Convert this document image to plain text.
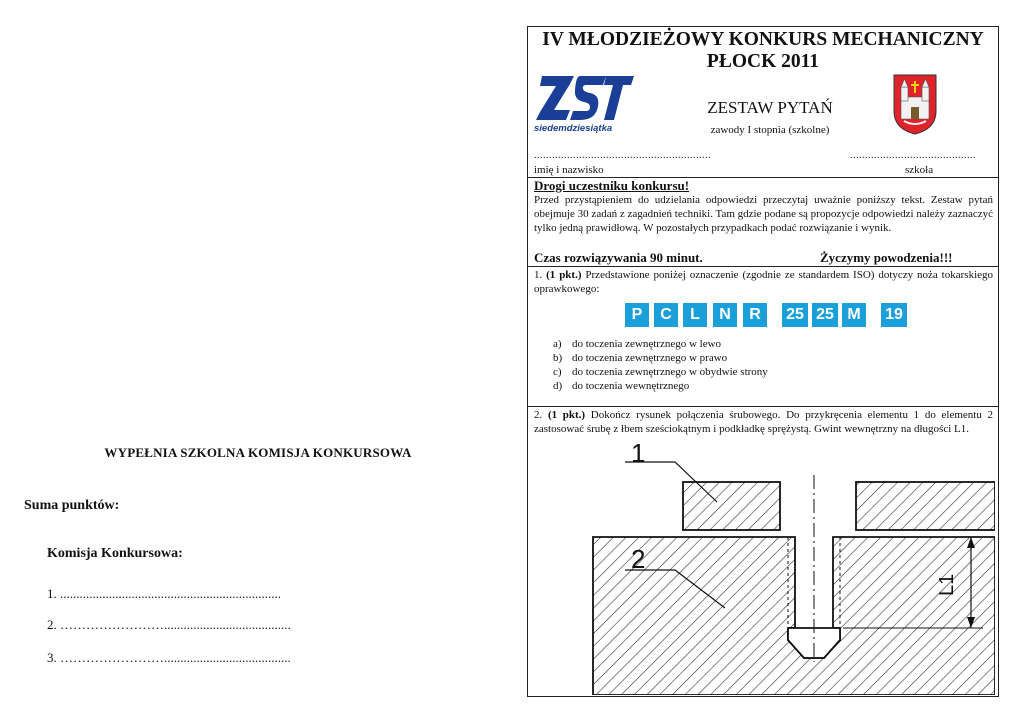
WYPEŁNIA SZKOLNA KOMISJA KONKURSOWA
Suma punktów:
Komisja Konkursowa:
1. ....................................................................
2. …………………….......................................
3. …………………….......................................
IV MŁODZIEŻOWY KONKURS MECHANICZNY
PŁOCK 2011
siedemdziesiątka
ZESTAW PYTAŃ
zawody I stopnia (szkolne)
...........................................................	..........................................
imię i nazwisko	szkoła
Drogi uczestniku konkursu!
Przed przystąpieniem do udzielania odpowiedzi przeczytaj uważnie poniższy tekst. Zestaw pytań obejmuje 30 zadań z zagadnień techniki. Tam gdzie podane są propozycje odpowiedzi należy zaznaczyć tylko jedną prawidłową. W pozostałych przypadkach podać rozwiązanie i wynik.
Czas rozwiązywania 90 minut.	Życzymy powodzenia!!!
1. (1 pkt.) Przedstawione poniżej oznaczenie (zgodnie ze standardem ISO) dotyczy noża tokarskiego oprawkowego:
P	C	L	N	R	25 25 M	19
a) do toczenia zewnętrznego w lewo
b) do toczenia zewnętrznego w prawo
c) do toczenia zewnętrznego w obydwie strony
d) do toczenia wewnętrznego
2. (1 pkt.) Dokończ rysunek połączenia śrubowego. Do przykręcenia elementu 1 do elementu 2 zastosować śrubę z łbem sześciokątnym i podkładkę sprężystą. Gwint wewnętrzny na długości L1.
1
2
L1
